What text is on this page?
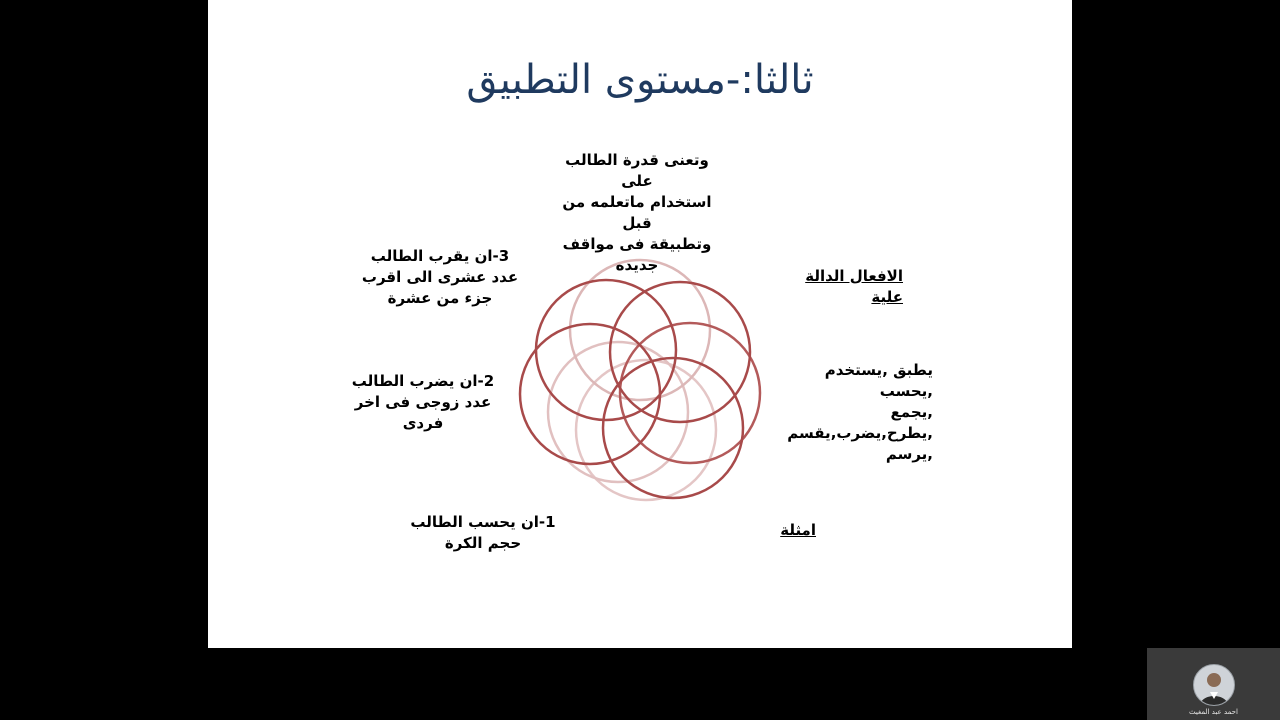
ثالثا:-مستوى التطبيق
وتعنى قدرة الطالب على
استخدام ماتعلمه من قبل
وتطبيقة فى مواقف
جديدة
الافعال الدالة علية
يطبق ,يستخدم ,يحسب
,يجمع
,يطرح,يضرب,يقسم
,يرسم
امثلة
3-ان يقرب الطالب
عدد عشرى الى اقرب
جزء من عشرة
2-ان يضرب الطالب
عدد زوجى فى اخر
فردى
1-ان يحسب الطالب
حجم الكرة
احمد عبد المغيث
